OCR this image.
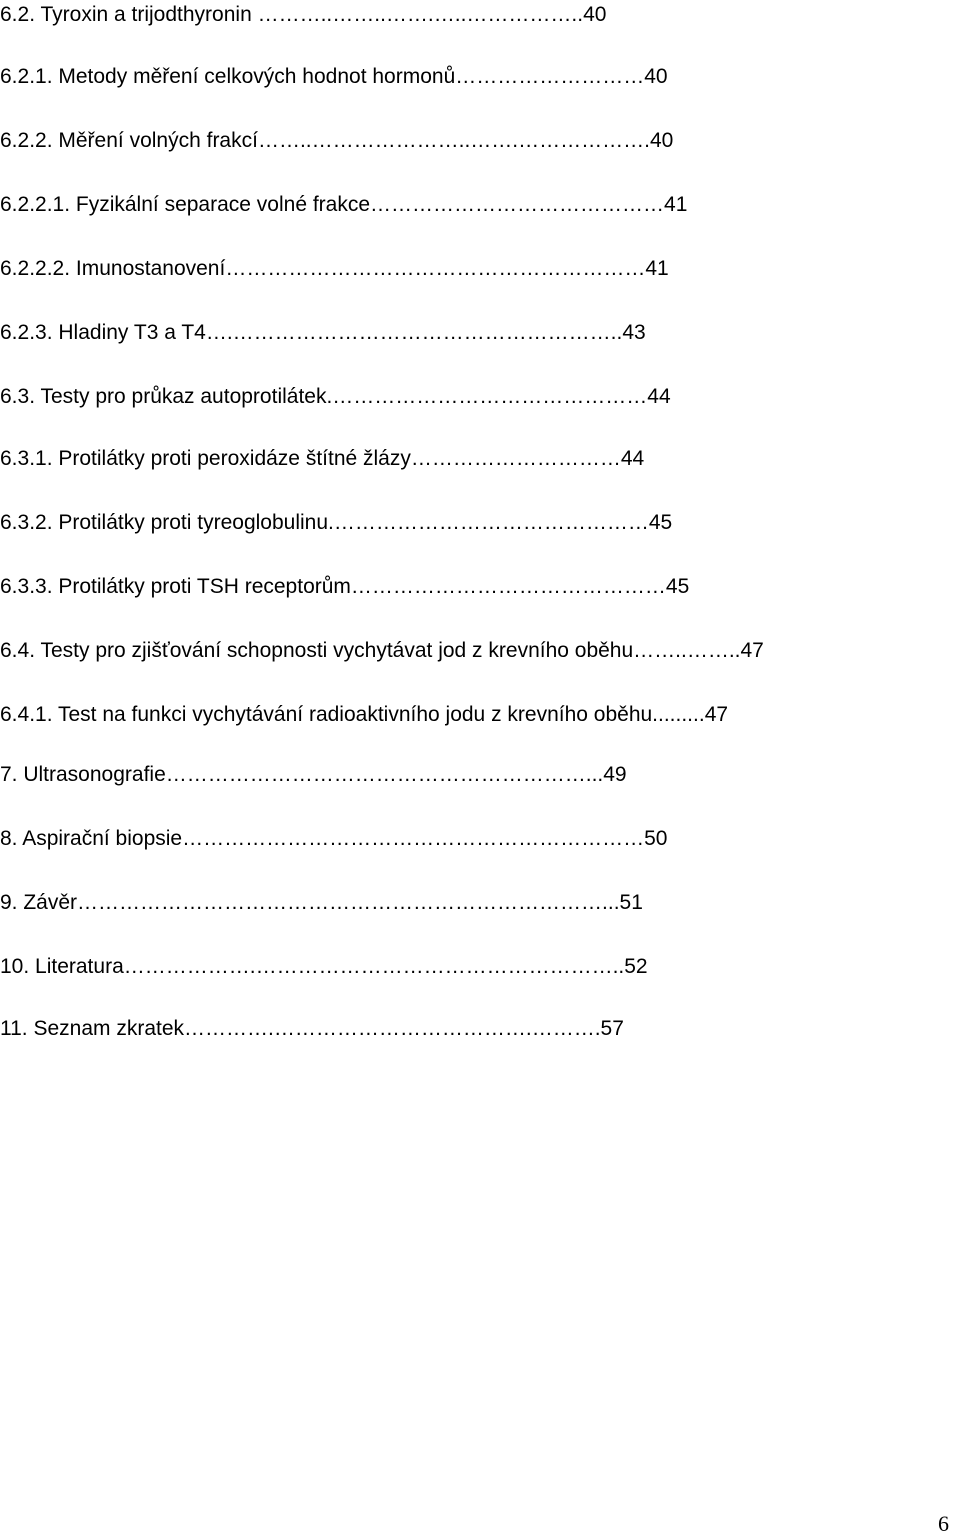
6.2. Tyroxin a trijodthyronin ………..……..…….…..……………..40
6.2.1. Metody měření celkových hodnot hormonů………………………40
6.2.2. Měření volných frakcí……..…………………..…….……………….40
6.2.2.1. Fyzikální separace volné frakce……………………………………41
6.2.2.2. Imunostanovení……………………………………………………41
6.2.3. Hladiny T3 a T4….………………………………………………..43
6.3. Testy pro průkaz autoprotilátek.………………………………………44
6.3.1. Protilátky proti peroxidáze štítné žlázy…………………………44
6.3.2. Protilátky proti tyreoglobulinu.………………………………………45
6.3.3. Protilátky proti TSH receptorům………………………………………45
6.4. Testy pro zjišťování schopnosti vychytávat jod z krevního oběhu……..……..47
6.4.1. Test na funkci vychytávání radioaktivního jodu z krevního oběhu.........47
7. Ultrasonografie……………………………………………………...49
8. Aspirační biopsie…………………………………………………………50
9. Závěr…………………………………………………………………...51
10. Literatura……………….……………………………………………..52
11. Seznam zkratek………….……………………………….……….57
6
